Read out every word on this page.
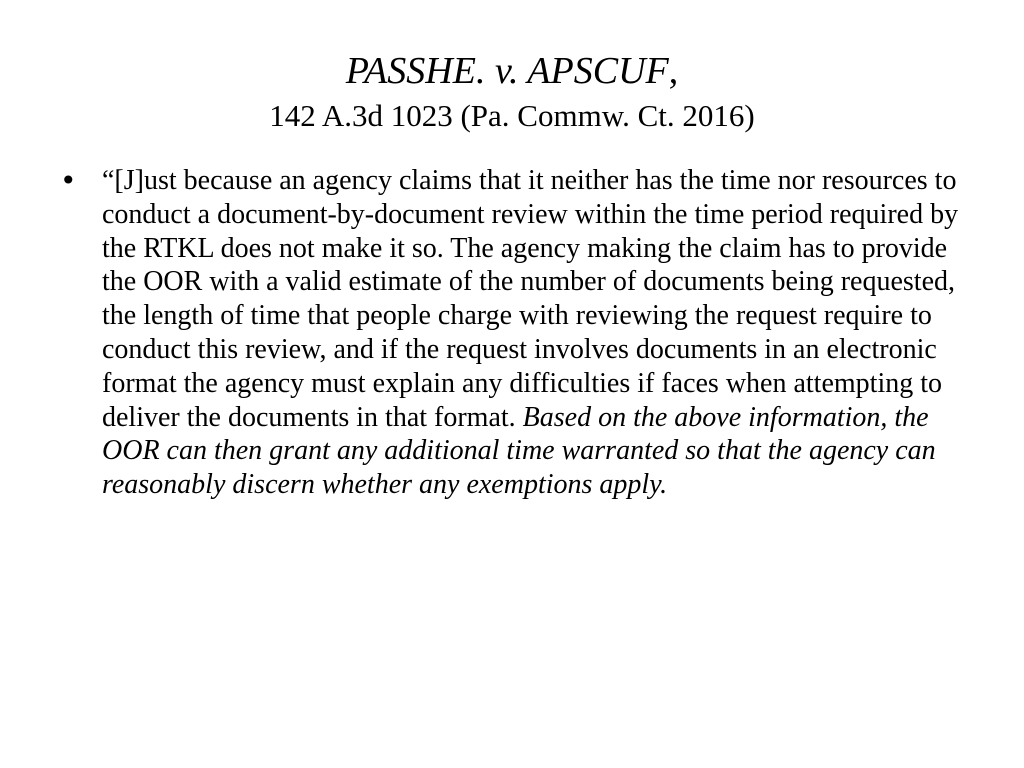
PASSHE. v. APSCUF,
142 A.3d 1023 (Pa. Commw. Ct. 2016)
• “[J]ust because an agency claims that it neither has the time nor resources to conduct a document-by-document review within the time period required by the RTKL does not make it so. The agency making the claim has to provide the OOR with a valid estimate of the number of documents being requested, the length of time that people charge with reviewing the request require to conduct this review, and if the request involves documents in an electronic format the agency must explain any difficulties if faces when attempting to deliver the documents in that format. Based on the above information, the OOR can then grant any additional time warranted so that the agency can reasonably discern whether any exemptions apply.
